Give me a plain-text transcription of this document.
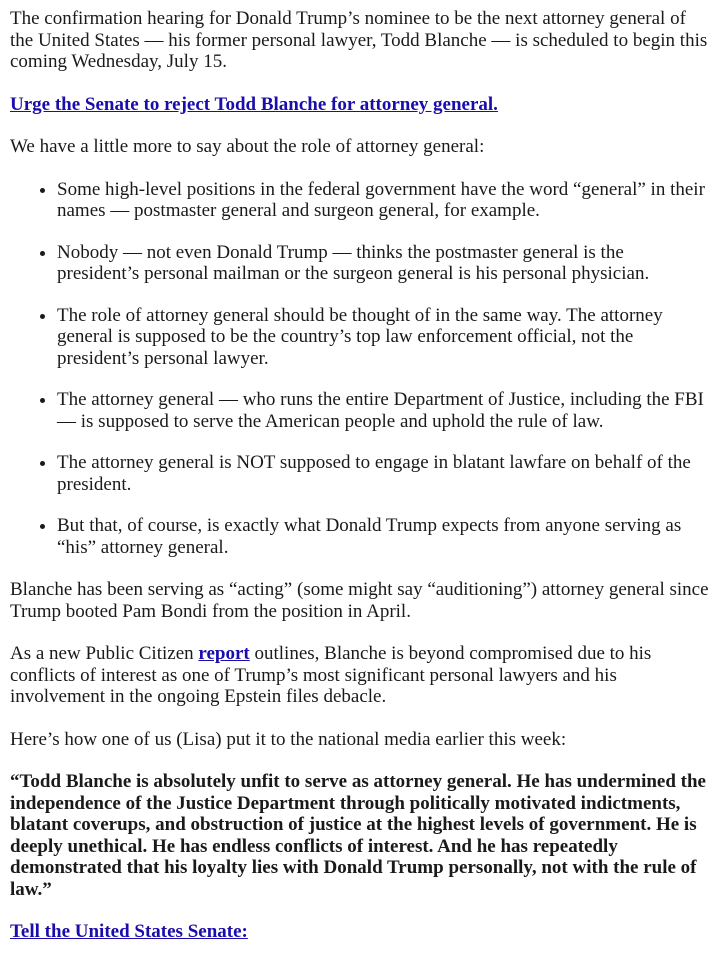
The confirmation hearing for Donald Trump’s nominee to be the next attorney general of the United States — his former personal lawyer, Todd Blanche — is scheduled to begin this coming Wednesday, July 15.

Urge the Senate to reject Todd Blanche for attorney general.

We have a little more to say about the role of attorney general:

• Some high-level positions in the federal government have the word “general” in their names — postmaster general and surgeon general, for example.
• Nobody — not even Donald Trump — thinks the postmaster general is the president’s personal mailman or the surgeon general is his personal physician.
• The role of attorney general should be thought of in the same way. The attorney general is supposed to be the country’s top law enforcement official, not the president’s personal lawyer.
• The attorney general — who runs the entire Department of Justice, including the FBI — is supposed to serve the American people and uphold the rule of law.
• The attorney general is NOT supposed to engage in blatant lawfare on behalf of the president.
• But that, of course, is exactly what Donald Trump expects from anyone serving as “his” attorney general.

Blanche has been serving as “acting” (some might say “auditioning”) attorney general since Trump booted Pam Bondi from the position in April.

As a new Public Citizen report outlines, Blanche is beyond compromised due to his conflicts of interest as one of Trump’s most significant personal lawyers and his involvement in the ongoing Epstein files debacle.

Here’s how one of us (Lisa) put it to the national media earlier this week:

“Todd Blanche is absolutely unfit to serve as attorney general. He has undermined the independence of the Justice Department through politically motivated indictments, blatant coverups, and obstruction of justice at the highest levels of government. He is deeply unethical. He has endless conflicts of interest. And he has repeatedly demonstrated that his loyalty lies with Donald Trump personally, not with the rule of law.”

Tell the United States Senate:
